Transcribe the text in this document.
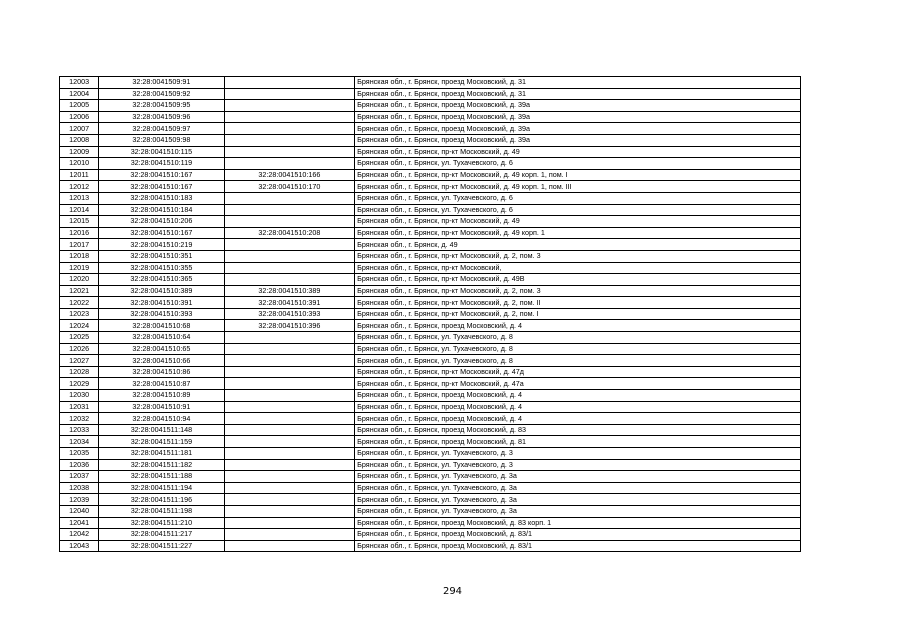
12003	32:28:0041509:91		Брянская обл., г. Брянск, проезд Московский, д. 31
12004	32:28:0041509:92		Брянская обл., г. Брянск, проезд Московский, д. 31
12005	32:28:0041509:95		Брянская обл., г. Брянск, проезд Московский, д. 39а
12006	32:28:0041509:96		Брянская обл., г. Брянск, проезд Московский, д. 39а
12007	32:28:0041509:97		Брянская обл., г. Брянск, проезд Московский, д. 39а
12008	32:28:0041509:98		Брянская обл., г. Брянск, проезд Московский, д. 39а
12009	32:28:0041510:115		Брянская обл., г. Брянск, пр-кт Московский, д. 49
12010	32:28:0041510:119		Брянская обл., г. Брянск, ул. Тухачевского, д. 6
12011	32:28:0041510:167	32:28:0041510:166	Брянская обл., г. Брянск, пр-кт Московский, д. 49 корп. 1, пом. I
12012	32:28:0041510:167	32:28:0041510:170	Брянская обл., г. Брянск, пр-кт Московский, д. 49 корп. 1, пом. III
12013	32:28:0041510:183		Брянская обл., г. Брянск, ул. Тухачевского, д. 6
12014	32:28:0041510:184		Брянская обл., г. Брянск, ул. Тухачевского, д. 6
12015	32:28:0041510:206		Брянская обл., г. Брянск, пр-кт Московский, д. 49
12016	32:28:0041510:167	32:28:0041510:208	Брянская обл., г. Брянск, пр-кт Московский, д. 49 корп. 1
12017	32:28:0041510:219		Брянская обл., г. Брянск, д. 49
12018	32:28:0041510:351		Брянская обл., г. Брянск, пр-кт Московский, д. 2, пом. 3
12019	32:28:0041510:355		Брянская обл., г. Брянск, пр-кт Московский,
12020	32:28:0041510:365		Брянская обл., г. Брянск, пр-кт Московский, д. 49В
12021	32:28:0041510:389	32:28:0041510:389	Брянская обл., г. Брянск, пр-кт Московский, д. 2, пом. 3
12022	32:28:0041510:391	32:28:0041510:391	Брянская обл., г. Брянск, пр-кт Московский, д. 2, пом. II
12023	32:28:0041510:393	32:28:0041510:393	Брянская обл., г. Брянск, пр-кт Московский, д. 2, пом. I
12024	32:28:0041510:68	32:28:0041510:396	Брянская обл., г. Брянск, проезд Московский, д. 4
12025	32:28:0041510:64		Брянская обл., г. Брянск, ул. Тухачевского, д. 8
12026	32:28:0041510:65		Брянская обл., г. Брянск, ул. Тухачевского, д. 8
12027	32:28:0041510:66		Брянская обл., г. Брянск, ул. Тухачевского, д. 8
12028	32:28:0041510:86		Брянская обл., г. Брянск, пр-кт Московский, д. 47д
12029	32:28:0041510:87		Брянская обл., г. Брянск, пр-кт Московский, д. 47а
12030	32:28:0041510:89		Брянская обл., г. Брянск, проезд Московский, д. 4
12031	32:28:0041510:91		Брянская обл., г. Брянск, проезд Московский, д. 4
12032	32:28:0041510:94		Брянская обл., г. Брянск, проезд Московский, д. 4
12033	32:28:0041511:148		Брянская обл., г. Брянск, проезд Московский, д. 83
12034	32:28:0041511:159		Брянская обл., г. Брянск, проезд Московский, д. 81
12035	32:28:0041511:181		Брянская обл., г. Брянск, ул. Тухачевского, д. 3
12036	32:28:0041511:182		Брянская обл., г. Брянск, ул. Тухачевского, д. 3
12037	32:28:0041511:188		Брянская обл., г. Брянск, ул. Тухачевского, д. 3а
12038	32:28:0041511:194		Брянская обл., г. Брянск, ул. Тухачевского, д. 3а
12039	32:28:0041511:196		Брянская обл., г. Брянск, ул. Тухачевского, д. 3а
12040	32:28:0041511:198		Брянская обл., г. Брянск, ул. Тухачевского, д. 3а
12041	32:28:0041511:210		Брянская обл., г. Брянск, проезд Московский, д. 83 корп. 1
12042	32:28:0041511:217		Брянская обл., г. Брянск, проезд Московский, д. 83/1
12043	32:28:0041511:227		Брянская обл., г. Брянск, проезд Московский, д. 83/1
294
